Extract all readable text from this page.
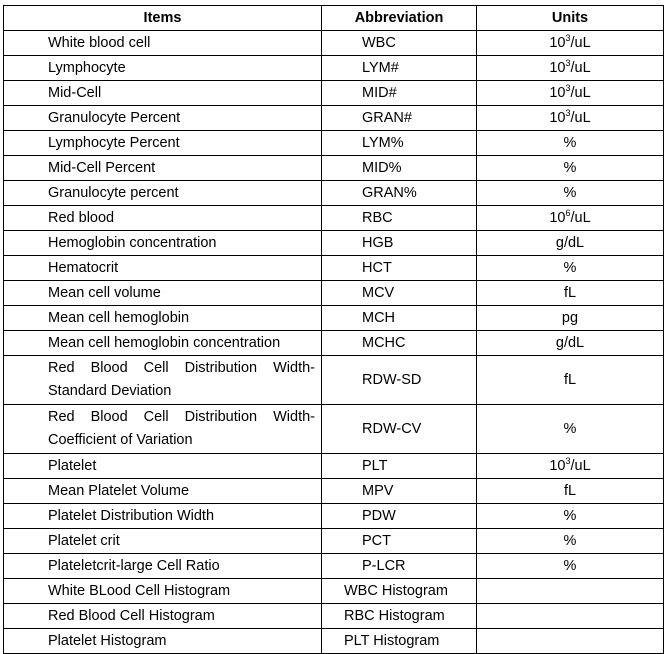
Items	Abbreviation	Units
White blood cell	WBC	$10^3/uL$
Lymphocyte	LYM#	$10^3/uL$
Mid-Cell	MID#	$10^3/uL$
Granulocyte Percent	GRAN#	$10^3/uL$
Lymphocyte Percent	LYM%	%
Mid-Cell Percent	MID%	%
Granulocyte percent	GRAN%	%
Red blood	RBC	$10^6/uL$
Hemoglobin concentration	HGB	g/dL
Hematocrit	HCT	%
Mean cell volume	MCV	fL
Mean cell hemoglobin	MCH	pg
Mean cell hemoglobin concentration	MCHC	g/dL
Red Blood Cell Distribution Width-Standard Deviation	RDW-SD	fL
Red Blood Cell Distribution Width-Coefficient of Variation	RDW-CV	%
Platelet	PLT	$10^3/uL$
Mean Platelet Volume	MPV	fL
Platelet Distribution Width	PDW	%
Platelet crit	PCT	%
Plateletcrit-large Cell Ratio	P-LCR	%
White BLood Cell Histogram	WBC Histogram	
Red Blood Cell Histogram	RBC Histogram	
Platelet Histogram	PLT Histogram	
